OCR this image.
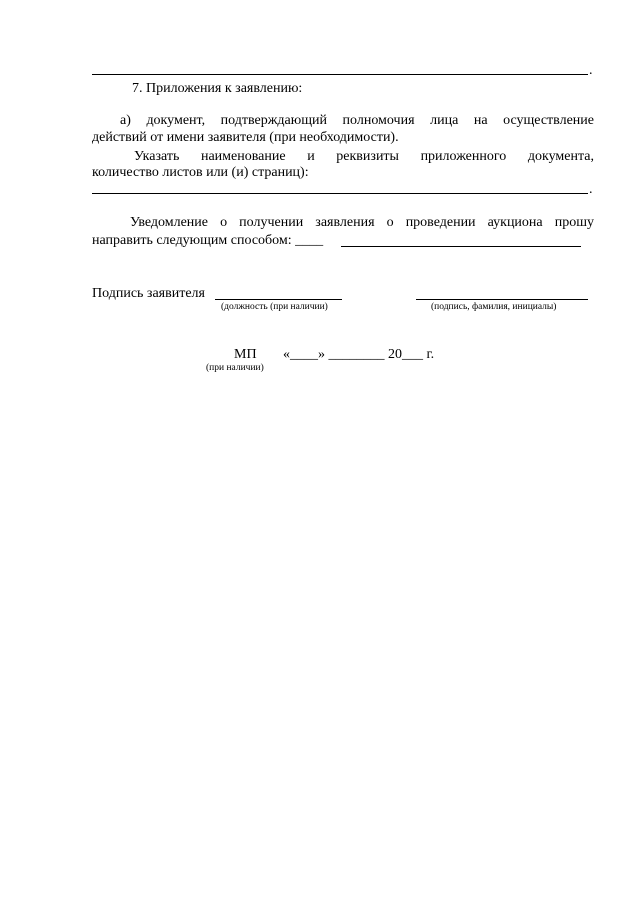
.
7. Приложения к заявлению:
а) документ, подтверждающий полномочия лица на осуществление
действий от имени заявителя (при необходимости).
Указать наименование и реквизиты приложенного документа,
количество листов или (и) страниц):
.
Уведомление о получении заявления о проведении аукциона прошу
направить следующим способом: ____
Подпись заявителя
(должность (при наличии)	(подпись, фамилия, инициалы)
МП «____» ________ 20___ г.
(при наличии)
